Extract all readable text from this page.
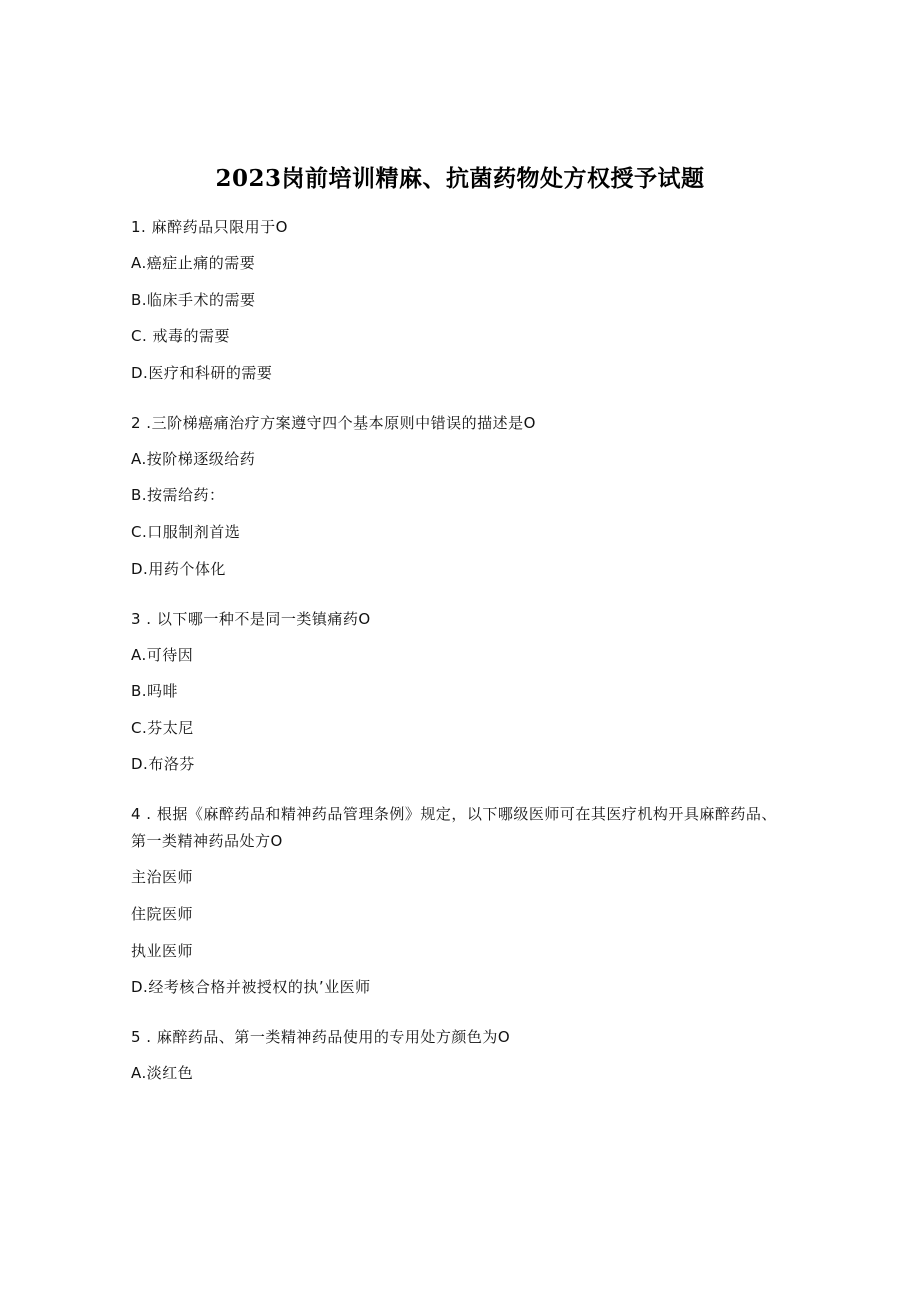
2023岗前培训精麻、抗菌药物处方权授予试题
1. 麻醉药品只限用于O
A.癌症止痛的需要
B.临床手术的需要
C. 戒毒的需要
D.医疗和科研的需要
2 .三阶梯癌痛治疗方案遵守四个基本原则中错误的描述是O
A.按阶梯逐级给药
B.按需给药：
C.口服制剂首选
D.用药个体化
3 . 以下哪一种不是同一类镇痛药O
A.可待因
B.吗啡
C.芬太尼
D.布洛芬
4 . 根据《麻醉药品和精神药品管理条例》规定，以下哪级医师可在其医疗机构开具麻醉药品、第一类精神药品处方O
主治医师
住院医师
执业医师
D.经考核合格并被授权的执’业医师
5 . 麻醉药品、第一类精神药品使用的专用处方颜色为O
A.淡红色
